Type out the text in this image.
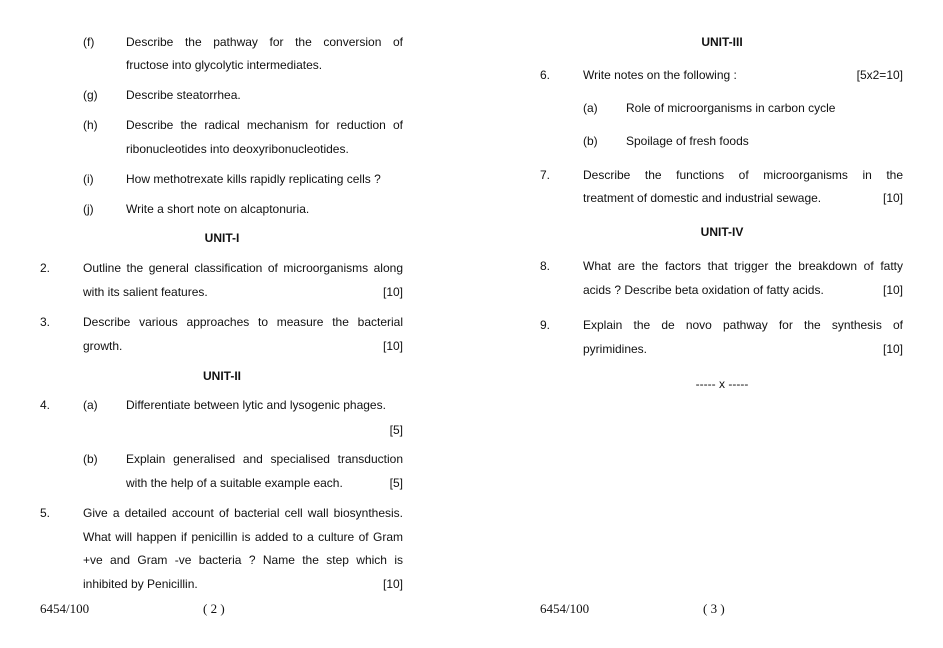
(f)	Describe the pathway for the conversion of
fructose into glycolytic intermediates.
(g) Describe steatorrhea.
(h) Describe the radical mechanism for reduction of
ribonucleotides into deoxyribonucleotides.
(i)	How methotrexate kills rapidly replicating cells ?
(j)	Write a short note on alcaptonuria.
UNIT-I
2.	Outline the general classification of microorganisms along
with its salient features.	[10]
3.	Describe various approaches to measure the bacterial
growth.	[10]
UNIT-II
4.	(a) Differentiate between lytic and lysogenic phages.
[5]
(b) Explain generalised and specialised transduction
with the help of a suitable example each.	[5]
5.	Give a detailed account of bacterial cell wall biosynthesis.
What will happen if penicillin is added to a culture of Gram
+ve and Gram -ve bacteria ? Name the step which is
inhibited by Penicillin.	[10]
6454/100	( 2 )
UNIT-III
6.	Write notes on the following :	[5x2=10]
(a) Role of microorganisms in carbon cycle
(b) Spoilage of fresh foods
7.	Describe the functions of microorganisms in the
treatment of domestic and industrial sewage.	[10]
UNIT-IV
8.	What are the factors that trigger the breakdown of fatty
acids ? Describe beta oxidation of fatty acids.	[10]
9.	Explain the de novo pathway for the synthesis of
pyrimidines.	[10]
----- x -----
6454/100	( 3 )
